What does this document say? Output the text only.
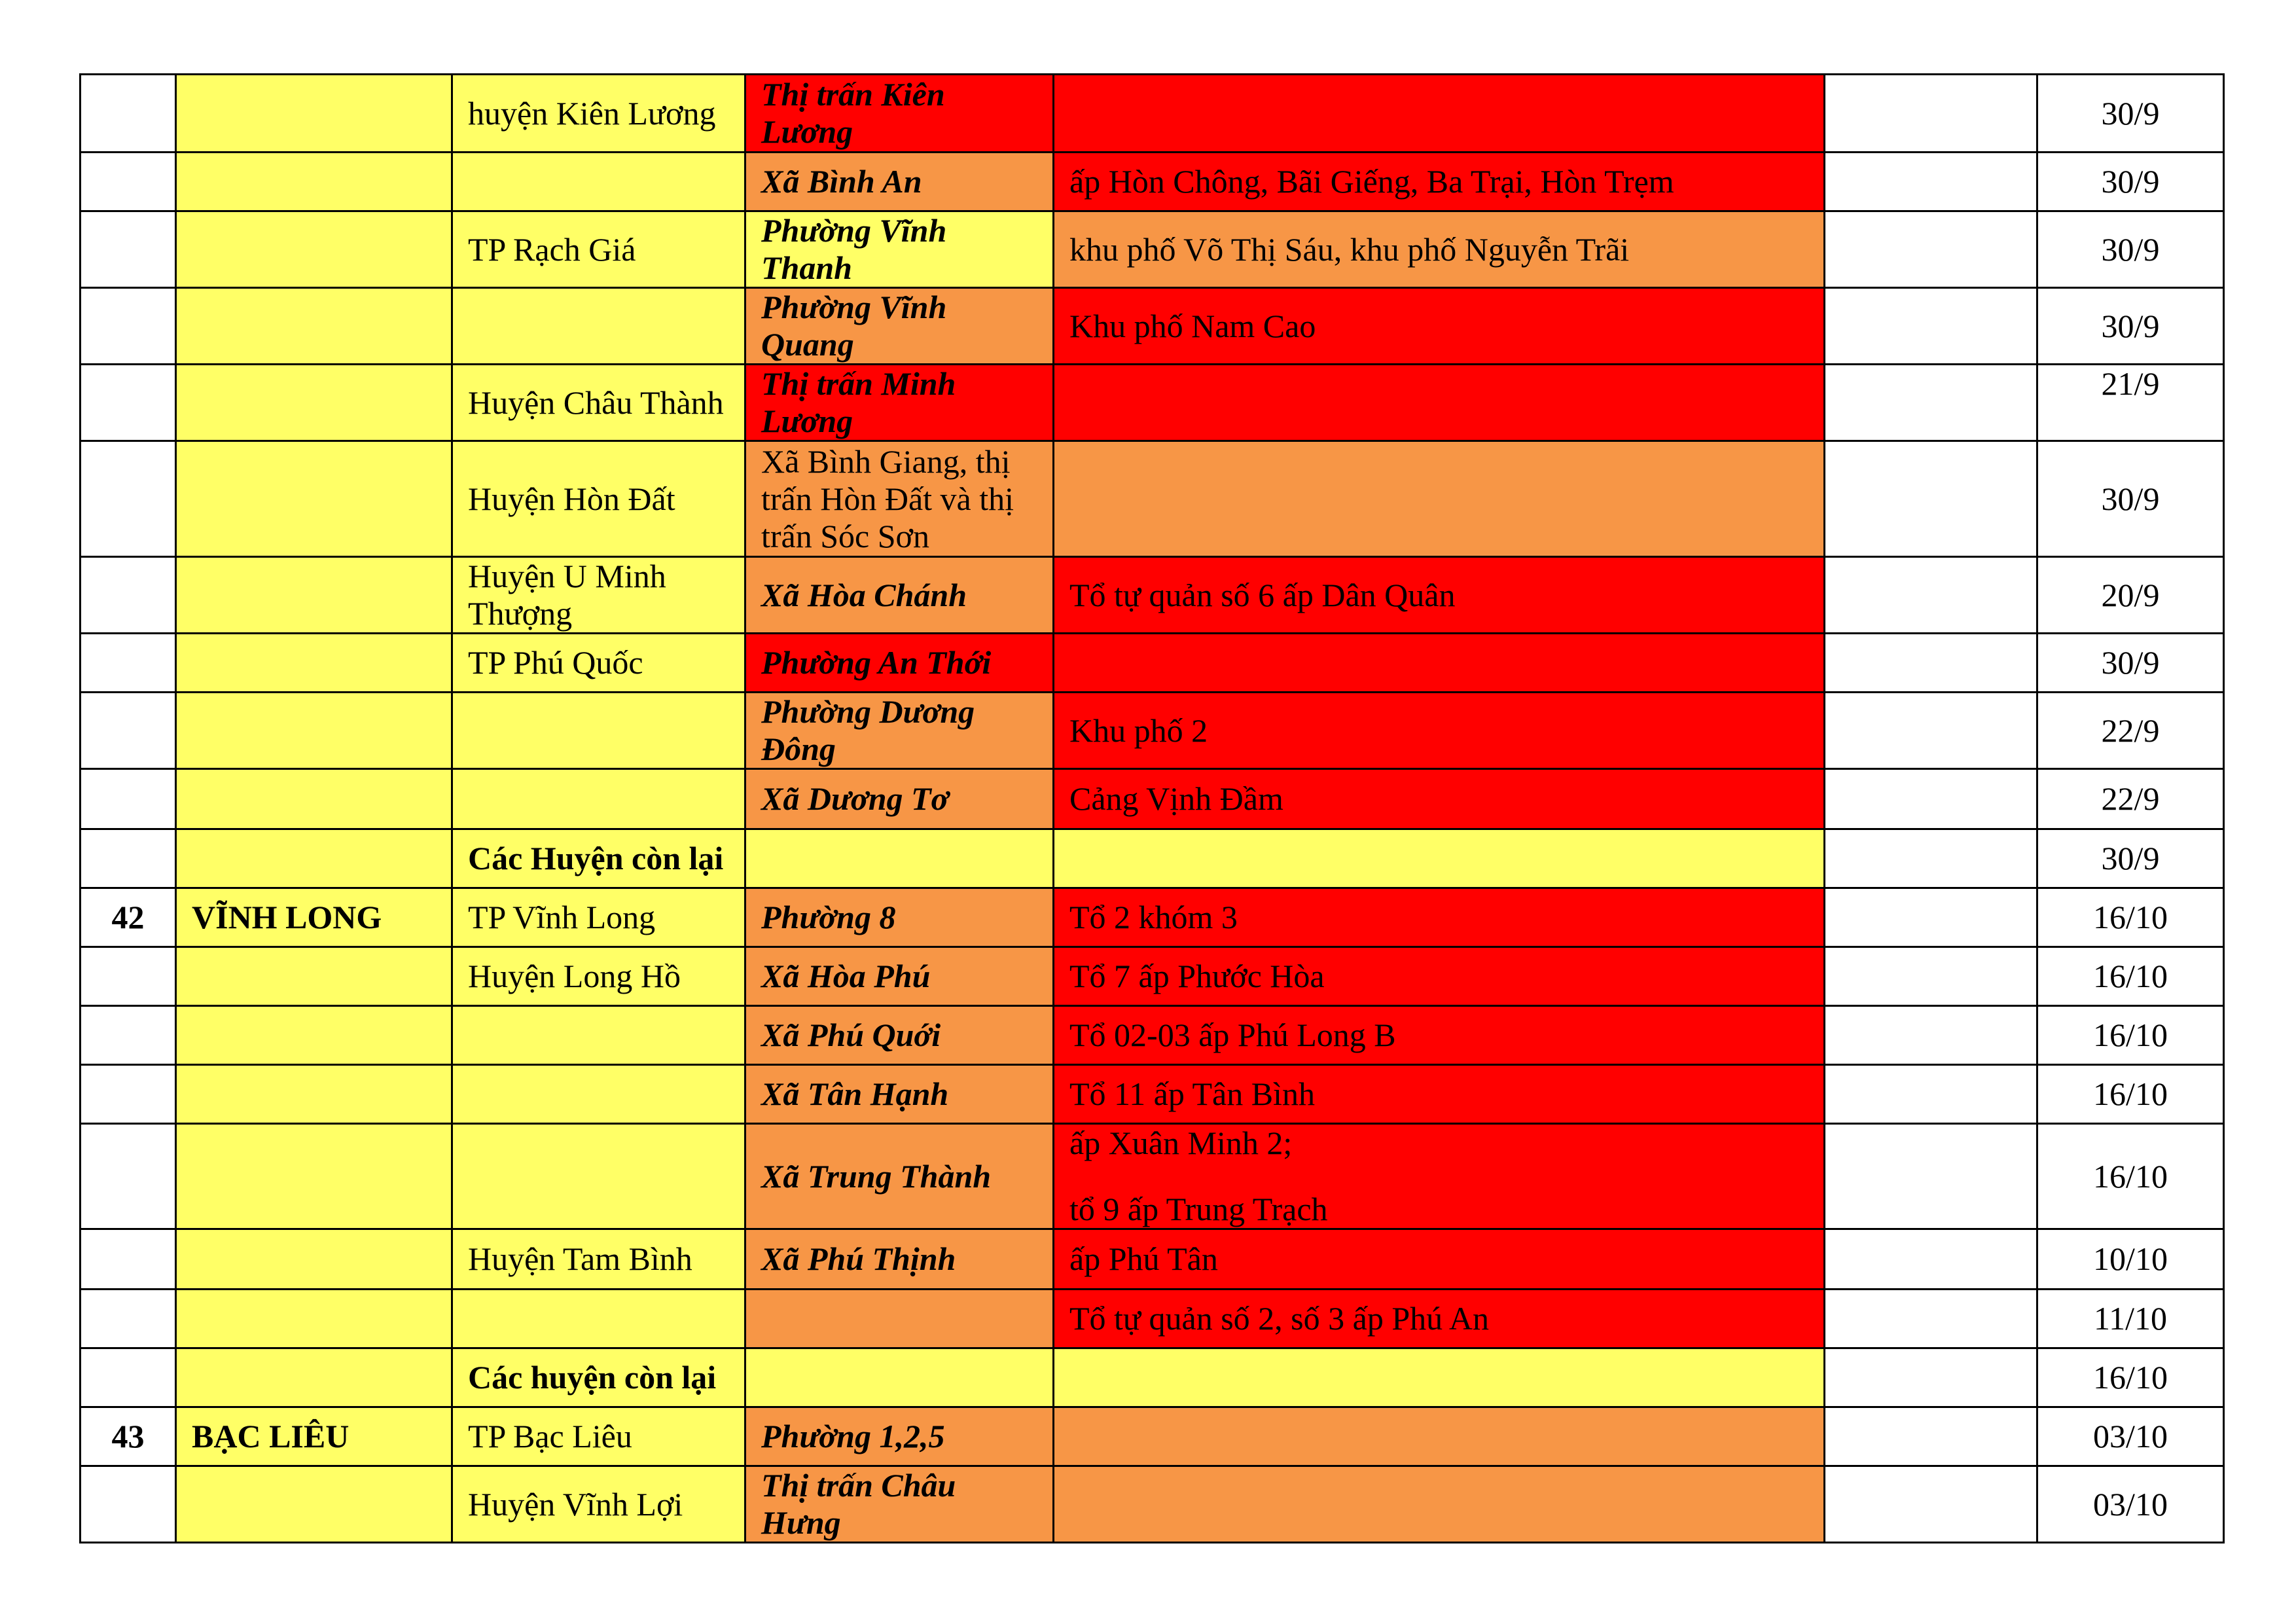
		huyện Kiên Lương	Thị trấn Kiên Lương			30/9
			Xã Bình An	ấp Hòn Chông, Bãi Giếng, Ba Trại, Hòn Trẹm		30/9
		TP Rạch Giá	Phường Vĩnh Thanh	khu phố Võ Thị Sáu, khu phố Nguyễn Trãi		30/9
			Phường Vĩnh Quang	Khu phố Nam Cao		30/9
		Huyện Châu Thành	Thị trấn Minh Lương			21/9
		Huyện Hòn Đất	Xã Bình Giang, thị trấn Hòn Đất và thị trấn Sóc Sơn			30/9
		Huyện U Minh Thượng	Xã Hòa Chánh	Tổ tự quản số 6 ấp Dân Quân		20/9
		TP Phú Quốc	Phường An Thới			30/9
			Phường Dương Đông	Khu phố 2		22/9
			Xã Dương Tơ	Cảng Vịnh Đầm		22/9
		Các Huyện còn lại				30/9
42	VĨNH LONG	TP Vĩnh Long	Phường 8	Tổ 2 khóm 3		16/10
		Huyện Long Hồ	Xã Hòa Phú	Tổ 7 ấp Phước Hòa		16/10
			Xã Phú Quới	Tổ 02-03 ấp Phú Long B		16/10
			Xã Tân Hạnh	Tổ 11 ấp Tân Bình		16/10
			Xã Trung Thành	ấp Xuân Minh 2;
tổ 9 ấp Trung Trạch		16/10
		Huyện Tam Bình	Xã Phú Thịnh	ấp Phú Tân		10/10
				Tổ tự quản số 2, số 3 ấp Phú An		11/10
		Các huyện còn lại				16/10
43	BẠC LIÊU	TP Bạc Liêu	Phường 1,2,5			03/10
		Huyện Vĩnh Lợi	Thị trấn Châu Hưng			03/10
